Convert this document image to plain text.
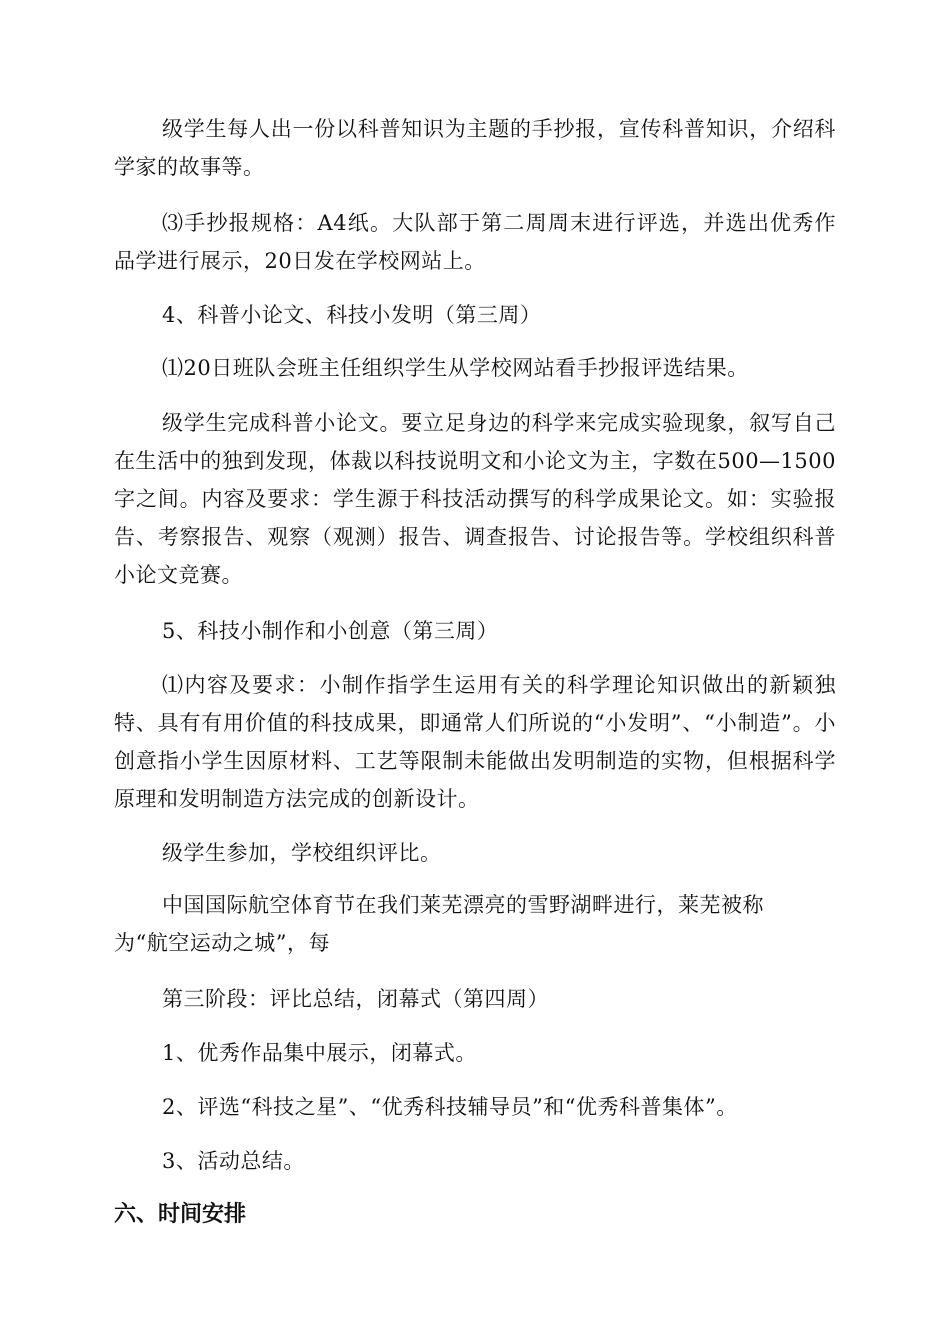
级学生每人出一份以科普知识为主题的手抄报，宣传科普知识，介绍科学家的故事等。

⑶手抄报规格：A4纸。大队部于第二周周末进行评选，并选出优秀作品学进行展示，20日发在学校网站上。

4、科普小论文、科技小发明（第三周）

⑴20日班队会班主任组织学生从学校网站看手抄报评选结果。

级学生完成科普小论文。要立足身边的科学来完成实验现象，叙写自己在生活中的独到发现，体裁以科技说明文和小论文为主，字数在500—1500字之间。内容及要求：学生源于科技活动撰写的科学成果论文。如：实验报告、考察报告、观察（观测）报告、调查报告、讨论报告等。学校组织科普小论文竞赛。

5、科技小制作和小创意（第三周）

⑴内容及要求：小制作指学生运用有关的科学理论知识做出的新颖独特、具有有用价值的科技成果，即通常人们所说的“小发明”、“小制造”。小创意指小学生因原材料、工艺等限制未能做出发明制造的实物，但根据科学原理和发明制造方法完成的创新设计。

级学生参加，学校组织评比。

中国国际航空体育节在我们莱芜漂亮的雪野湖畔进行，莱芜被称

为“航空运动之城”，每

第三阶段：评比总结，闭幕式（第四周）

1、优秀作品集中展示，闭幕式。

2、评选“科技之星”、“优秀科技辅导员”和“优秀科普集体”。

3、活动总结。

六、时间安排
